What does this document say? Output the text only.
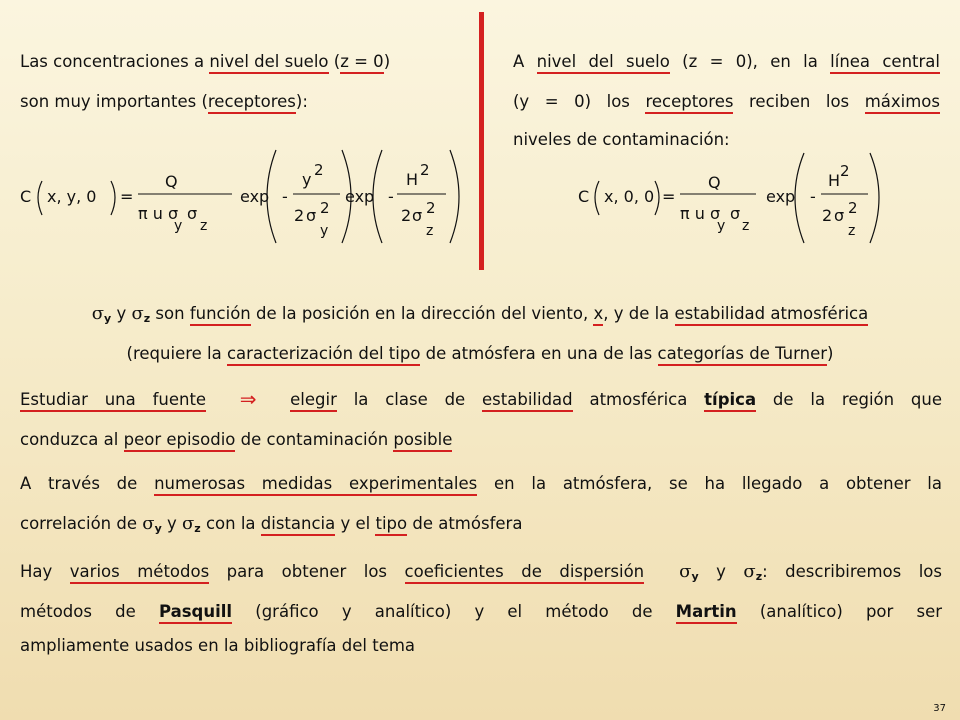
Las concentraciones a nivel del suelo (z = 0)

son muy importantes (receptores):

A nivel del suelo (z = 0), en la línea central

(y = 0) los receptores reciben los máximos

niveles de contaminación:

C x, y, 0 =
Q
π u σ
y
σ
z
exp -
y 2
2 σ 2
y
exp -
H 2
2 σ 2
z
C x, 0, 0 =
Q
π u σ
y
σ
z
exp -
H 2
2 σ 2
z

$\sigma_y$ y $\sigma_z$ son función de la posición en la dirección del viento, x, y de la estabilidad atmosférica

(requiere la caracterización del tipo de atmósfera en una de las categorías de Turner)

Estudiar una fuente ⇒ elegir la clase de estabilidad atmosférica típica de la región que

conduzca al peor episodio de contaminación posible

A través de numerosas medidas experimentales en la atmósfera, se ha llegado a obtener la

correlación de $\sigma_y$ y $\sigma_z$ con la distancia y el tipo de atmósfera

Hay varios métodos para obtener los coeficientes de dispersión $\sigma_y$ y $\sigma_z$: describiremos los

métodos de Pasquill (gráfico y analítico) y el método de Martin (analítico) por ser

ampliamente usados en la bibliografía del tema

37
